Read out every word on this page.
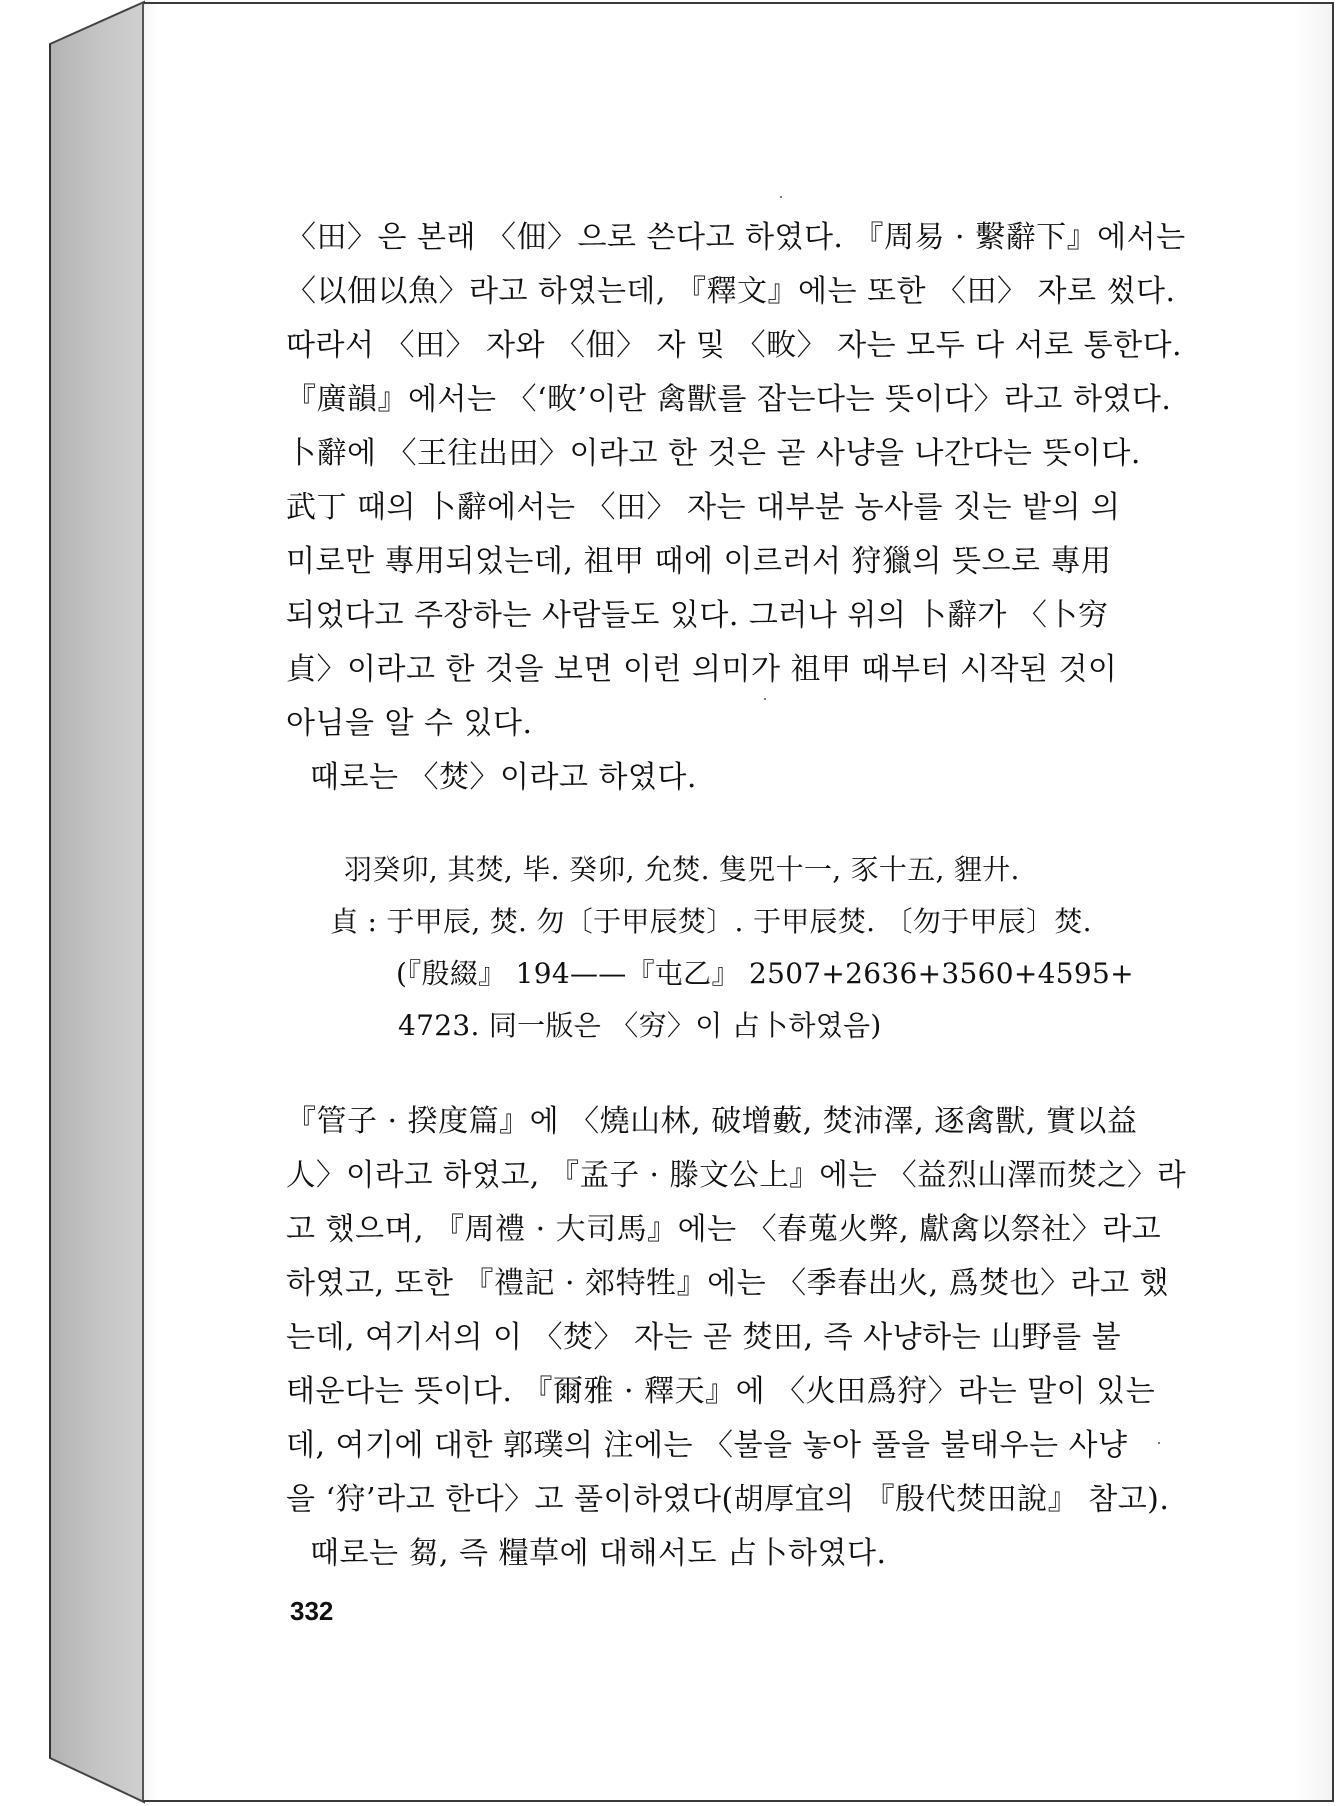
〈田〉은 본래 〈佃〉으로 쓴다고 하였다. 『周易 · 繫辭下』에서는
〈以佃以魚〉라고 하였는데, 『釋文』에는 또한 〈田〉 자로 썼다.
따라서 〈田〉 자와 〈佃〉 자 및 〈畋〉 자는 모두 다 서로 통한다.
『廣韻』에서는 〈‘畋’이란 禽獸를 잡는다는 뜻이다〉라고 하였다.
卜辭에 〈王往出田〉이라고 한 것은 곧 사냥을 나간다는 뜻이다.
武丁 때의 卜辭에서는 〈田〉 자는 대부분 농사를 짓는 밭의 의
미로만 專用되었는데, 祖甲 때에 이르러서 狩獵의 뜻으로 專用
되었다고 주장하는 사람들도 있다. 그러나 위의 卜辭가 〈卜穷
貞〉이라고 한 것을 보면 이런 의미가 祖甲 때부터 시작된 것이
아님을 알 수 있다.
때로는 〈焚〉이라고 하였다.
羽癸卯, 其焚, 毕. 癸卯, 允焚. 隻兕十一, 豕十五, 貍廾.
貞 : 于甲辰, 焚. 勿〔于甲辰焚〕. 于甲辰焚. 〔勿于甲辰〕焚.
(『殷綴』 194——『屯乙』 2507+2636+3560+4595+
4723. 同一版은 〈穷〉이 占卜하였음)
『管子 · 揆度篇』에 〈燒山林, 破增藪, 焚沛澤, 逐禽獸, 實以益
人〉이라고 하였고, 『孟子 · 滕文公上』에는 〈益烈山澤而焚之〉라
고 했으며, 『周禮 · 大司馬』에는 〈春蒐火弊, 獻禽以祭社〉라고
하였고, 또한 『禮記 · 郊特牲』에는 〈季春出火, 爲焚也〉라고 했
는데, 여기서의 이 〈焚〉 자는 곧 焚田, 즉 사냥하는 山野를 불
태운다는 뜻이다. 『爾雅 · 釋天』에 〈火田爲狩〉라는 말이 있는
데, 여기에 대한 郭璞의 注에는 〈불을 놓아 풀을 불태우는 사냥
을 ‘狩’라고 한다〉고 풀이하였다(胡厚宜의 『殷代焚田說』 참고).
때로는 芻, 즉 糧草에 대해서도 占卜하였다.
332
